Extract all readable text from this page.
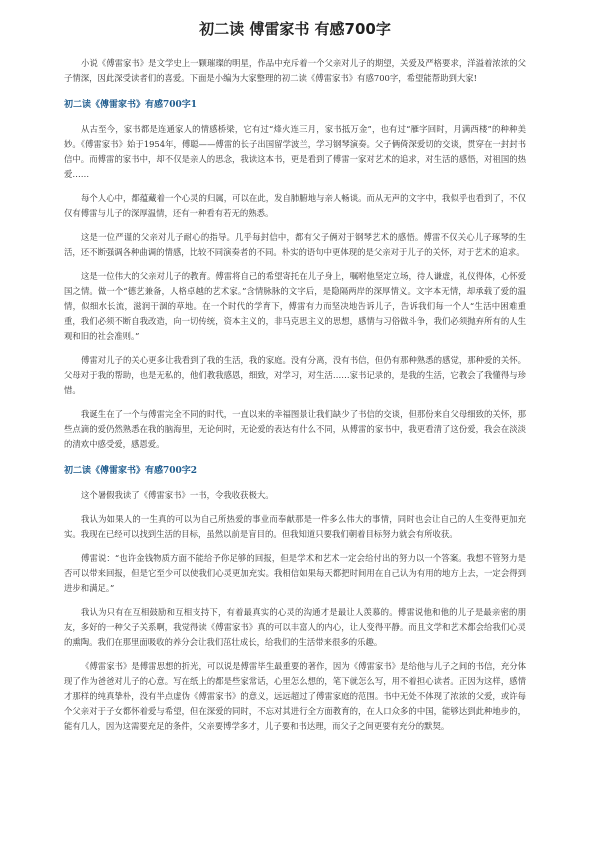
初二读 傅雷家书 有感700字

小说《傅雷家书》是文学史上一颗璀璨的明星，作品中充斥着一个父亲对儿子的期望，关爱及严格要求，洋溢着浓浓的父子情深，因此深受读者们的喜爱。下面是小编为大家整理的初二读《傅雷家书》有感700字，希望能帮助到大家!

初二读《傅雷家书》有感700字1

从古至今，家书都是连通家人的情感桥梁，它有过“烽火连三月，家书抵万金”，也有过“雁字回时，月满西楼”的种种美妙。《傅雷家书》始于1954年，傅聪——傅雷的长子出国留学波兰，学习钢琴演奏。父子俩倚深爱切的交谈，贯穿在一封封书信中。而傅雷的家书中，却不仅是亲人的思念，我读这本书，更是看到了傅雷一家对艺术的追求，对生活的感悟，对祖国的热爱……

每个人心中，都蕴藏着一个心灵的归属，可以在此，发自肺腑地与亲人畅谈。而从无声的文字中，我似乎也看到了，不仅仅有傅雷与儿子的深厚温情，还有一种看有若无的熟悉。

这是一位严谨的父亲对儿子耐心的指导。几乎每封信中，都有父子俩对于钢琴艺术的感悟。傅雷不仅关心儿子琢琴的生活，还不断强调各种曲调的情感，比较不同演奏者的不同。朴实的语句中更体现的是父亲对于儿子的关怀，对于艺术的追求。

这是一位伟大的父亲对儿子的教育。傅雷将自己的希望寄托在儿子身上，嘱咐他坚定立场，待人谦虚，礼仪得体，心怀爱国之情。做一个“德艺兼备，人格卓越的艺术家。”含情脉脉的文字后，是隐隔两岸的深厚情义。文字本无情，却承载了爱的温情，似细水长流，滋润干涸的草地。在一个时代的学育下，傅雷有力而坚决地告诉儿子，告诉我们每一个人“生活中困难重重，我们必须不断自我改造，向一切传统，资本主义的，非马克思主义的思想，感情与习俗做斗争，我们必须抛弃所有的人生观和旧的社会准则。”

傅雷对儿子的关心更多让我看到了我的生活，我的家庭。没有分离，没有书信，但仍有那种熟悉的感觉，那种爱的关怀。父母对于我的帮助，也是无私的，他们教我感恩，细致，对学习，对生活……家书记录的，是我的生活，它教会了我懂得与珍惜。

我诞生在了一个与傅雷完全不同的时代，一直以来的幸福图景让我们缺少了书信的交谈，但那份来自父母细致的关怀，那些点滴的爱仍然熟悉在我的脑海里，无论何时，无论爱的表达有什么不同，从傅雷的家书中，我更看清了这份爱，我会在淡淡的清欢中感受爱，感恩爱。

初二读《傅雷家书》有感700字2

这个暑假我读了《傅雷家书》一书，令我收获极大。

我认为如果人的一生真的可以为自己所热爱的事业而奉献那是一件多么伟大的事情，同时也会让自己的人生变得更加充实。我现在已经可以找到生活的目标，虽然以前是盲目的。但我知道只要我们朝着目标努力就会有所收获。

傅雷说：“也许金钱物质方面不能给予你足够的回报，但是学术和艺术一定会给付出的努力以一个答案。我想不管努力是否可以带来回报，但是它至少可以使我们心灵更加充实。我相信如果每天都把时间用在自己认为有用的地方上去，一定会得到进步和满足。”

我认为只有在互相鼓励和互相支持下，有着最真实的心灵的沟通才是最让人羡慕的。傅雷说他和他的儿子是最亲密的朋友，多好的一种父子关系啊，我觉得读《傅雷家书》真的可以丰富人的内心，让人变得平静。而且文学和艺术都会给我们心灵的熏陶。我们在那里面吸收的养分会让我们茁壮成长，给我们的生活带来很多的乐趣。

《傅雷家书》是傅雷思想的折光，可以说是傅雷毕生最重要的著作，因为《傅雷家书》是给他与儿子之间的书信，充分体现了作为爸爸对儿子的心意。写在纸上的都是些家常话，心里怎么想的，笔下就怎么写，用不着担心读者。正因为这样，感情才那样的纯真挚朴，没有半点虚伪《傅雷家书》的意义，远远超过了傅雷家庭的范围。书中无处不体现了浓浓的父爱，或许每个父亲对于子女都怀着爱与希望，但在深爱的同时，不忘对其进行全方面教育的，在人口众多的中国，能够达到此种地步的，能有几人，因为这需要充足的条件，父亲要博学多才，儿子要和书达理，而父子之间更要有充分的默契。
